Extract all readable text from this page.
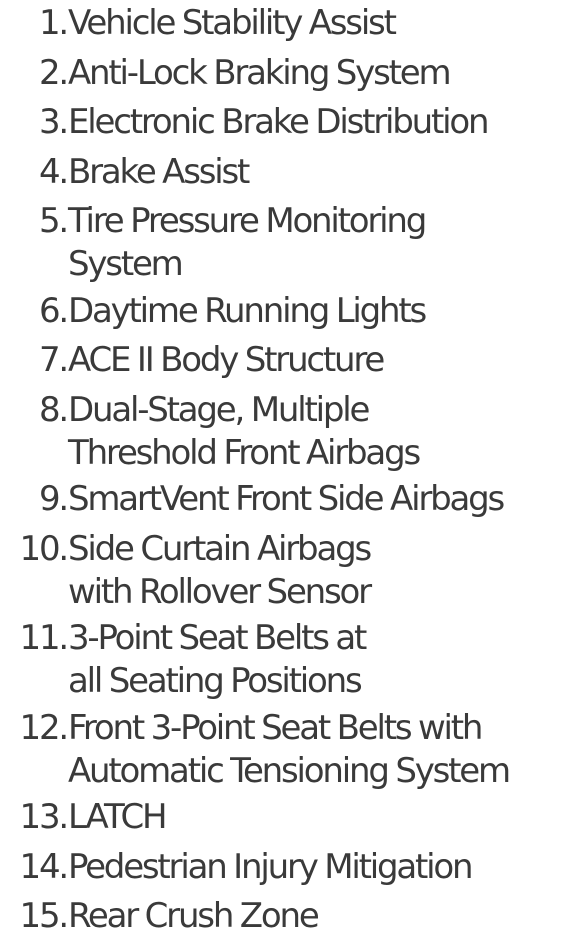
1. Vehicle Stability Assist
2. Anti-Lock Braking System
3. Electronic Brake Distribution
4. Brake Assist
5. Tire Pressure Monitoring
System
6. Daytime Running Lights
7. ACE II Body Structure
8. Dual-Stage, Multiple
Threshold Front Airbags
9. SmartVent Front Side Airbags
10. Side Curtain Airbags
with Rollover Sensor
11. 3-Point Seat Belts at
all Seating Positions
12. Front 3-Point Seat Belts with
Automatic Tensioning System
13. LATCH
14. Pedestrian Injury Mitigation
15. Rear Crush Zone
